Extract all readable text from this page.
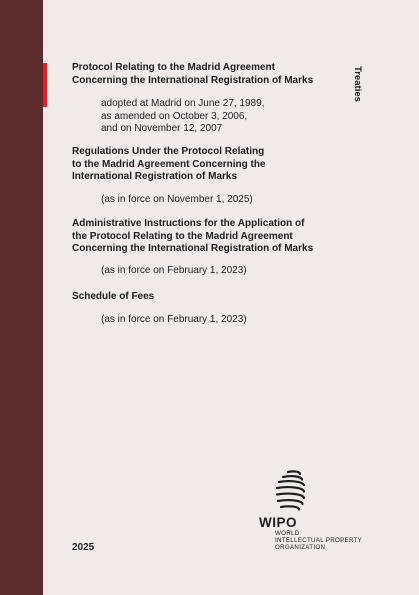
Treaties

Protocol Relating to the Madrid Agreement
Concerning the International Registration of Marks

adopted at Madrid on June 27, 1989,
as amended on October 3, 2006,
and on November 12, 2007

Regulations Under the Protocol Relating
to the Madrid Agreement Concerning the
International Registration of Marks

(as in force on November 1, 2025)

Administrative Instructions for the Application of
the Protocol Relating to the Madrid Agreement
Concerning the International Registration of Marks

(as in force on February 1, 2023)

Schedule of Fees

(as in force on February 1, 2023)

2025
WIPO
WORLD
INTELLECTUAL PROPERTY
ORGANIZATION
